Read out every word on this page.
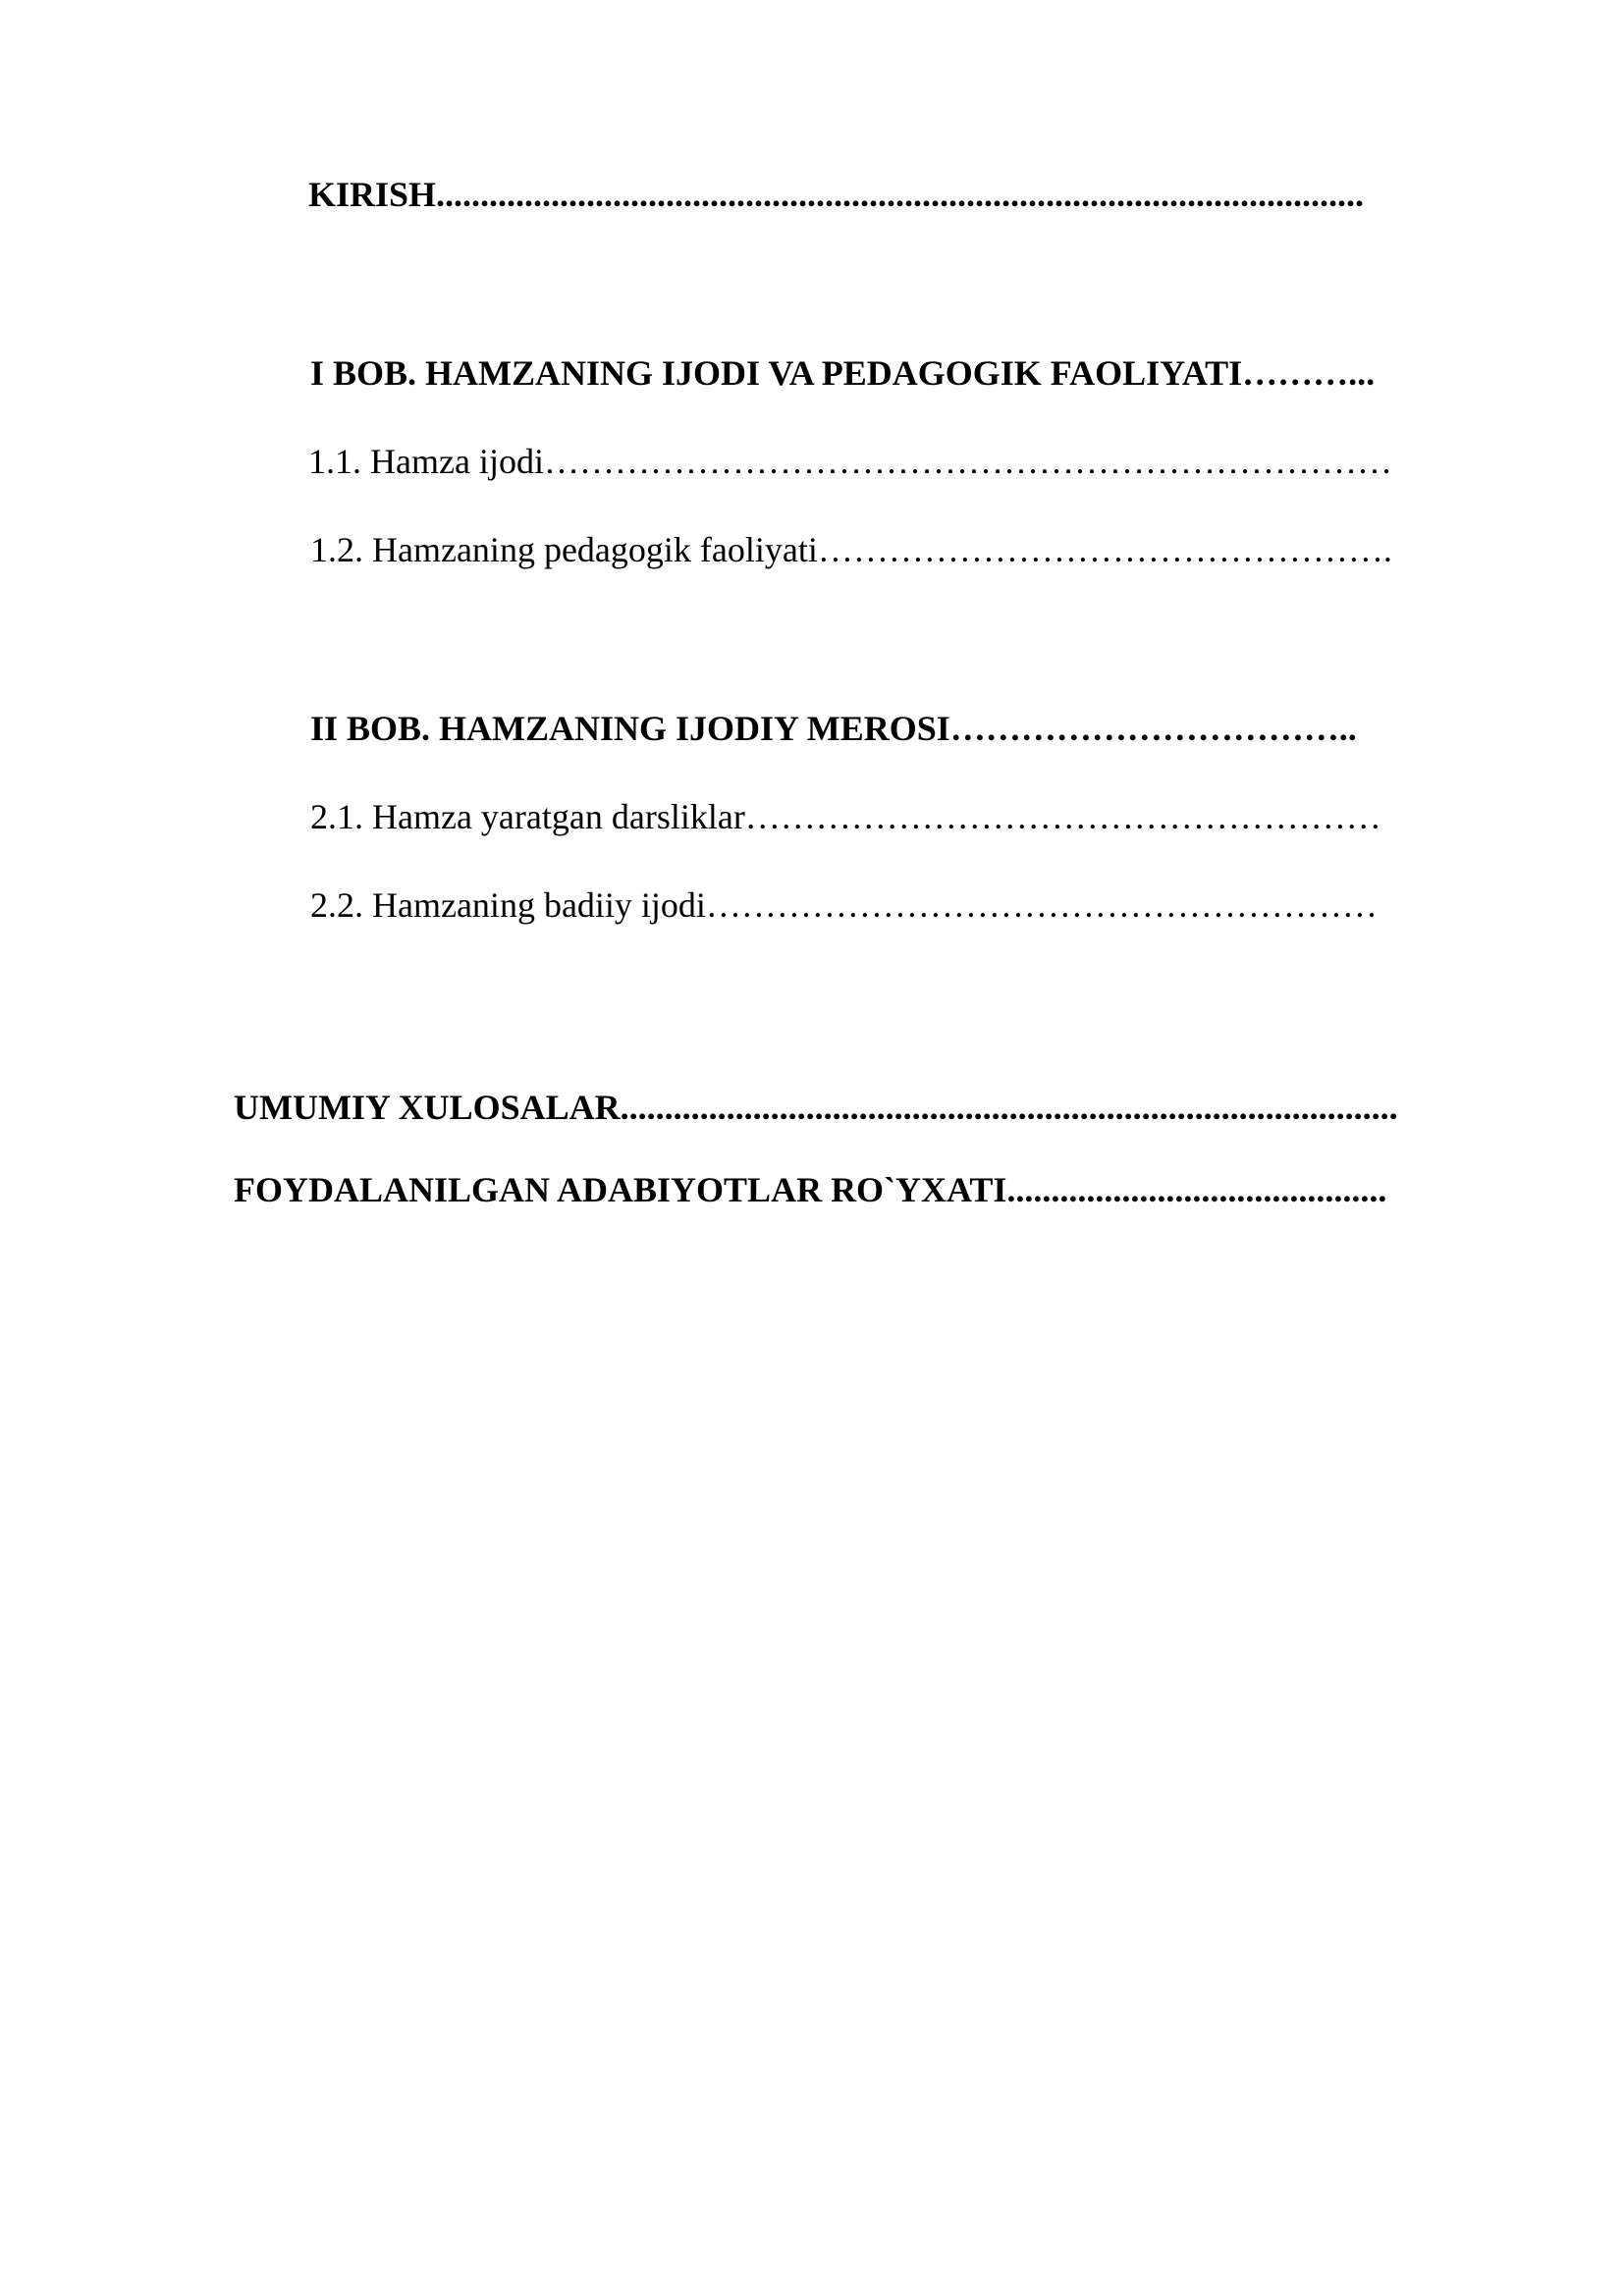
KIRISH.........................................................................................................

I BOB. HAMZANING IJODI VA PEDAGOGIK FAOLIYATI………...

1.1. Hamza ijodi………………………………………………………………

1.2. Hamzaning pedagogik faoliyati………………………………………….

II BOB. HAMZANING IJODIY MEROSI……………………………..

2.1. Hamza yaratgan darsliklar………………………………………………

2.2. Hamzaning badiiy ijodi…………………………………………………

UMUMIY XULOSALAR........................................................................................

FOYDALANILGAN ADABIYOTLAR RO`YXATI...........................................
